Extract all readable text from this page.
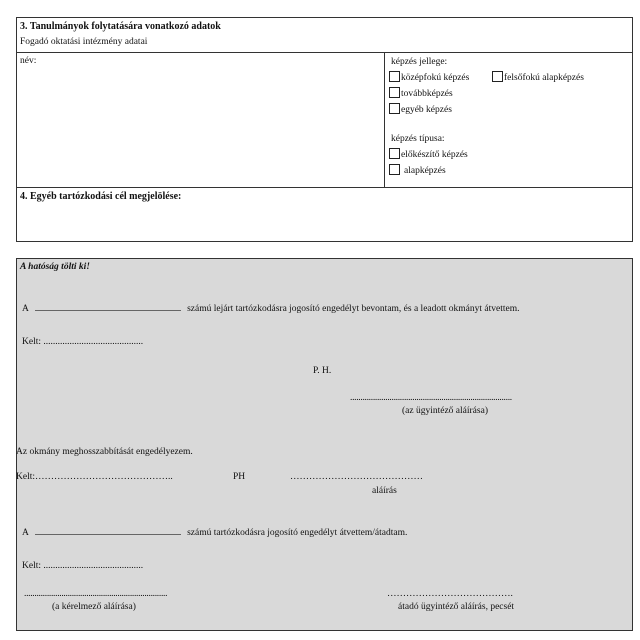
3. Tanulmányok folytatására vonatkozó adatok
Fogadó oktatási intézmény adatai
név:	képzés jellege:
középfokú képzés	felsőfokú alapképzés
továbbképzés
egyéb képzés
képzés típusa:
előkészítő képzés
alapképzés
4. Egyéb tartózkodási cél megjelölése:
A hatóság tölti ki!
A	számú lejárt tartózkodásra jogosító engedélyt bevontam, és a leadott okmányt átvettem.
Kelt: ..........................................
P. H.
..............................................................................
(az ügyintéző aláírása)
Az okmány meghosszabbítását engedélyezem.
Kelt:……………………………………..	PH	……………………………………
aláírás
A	számú tartózkodásra jogosító engedélyt átvettem/átadtam.
Kelt: ..........................................
.....................................................................
(a kérelmező aláírása)
………………………………….
átadó ügyintéző aláírás, pecsét
